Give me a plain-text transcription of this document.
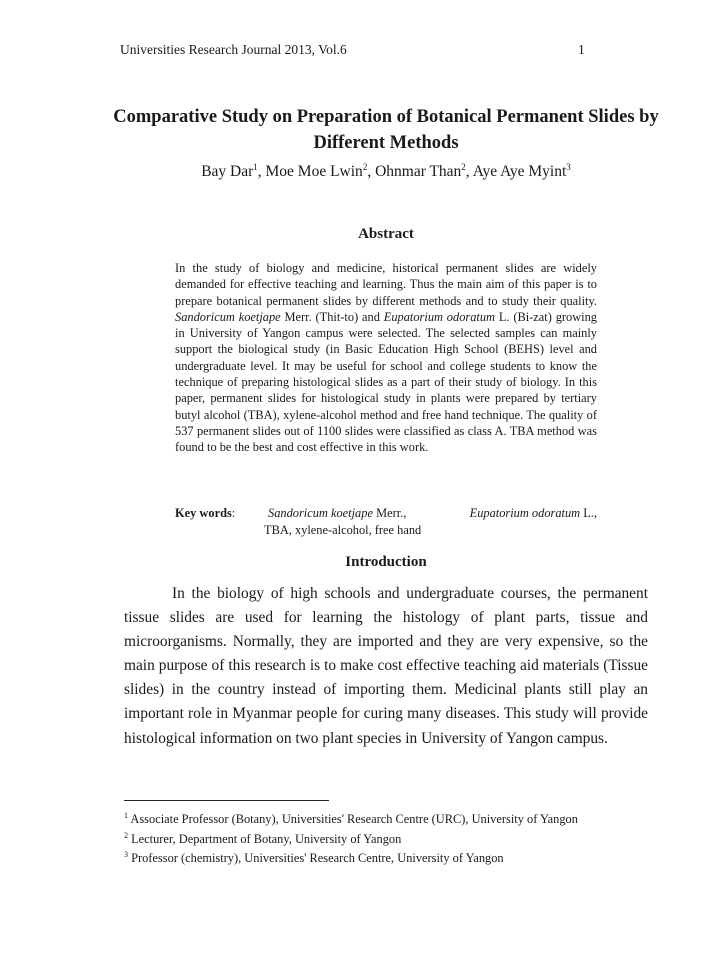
Universities Research Journal 2013, Vol.6	1
Comparative Study on Preparation of Botanical Permanent Slides by Different Methods
Bay Dar$^1$, Moe Moe Lwin$^2$, Ohnmar Than$^2$, Aye Aye Myint$^3$
Abstract

In the study of biology and medicine, historical permanent slides are widely demanded for effective teaching and learning. Thus the main aim of this paper is to prepare botanical permanent slides by different methods and to study their quality. Sandoricum koetjape Merr. (Thit-to) and Eupatorium odoratum L. (Bi-zat) growing in University of Yangon campus were selected. The selected samples can mainly support the biological study (in Basic Education High School (BEHS) level and undergraduate level. It may be useful for school and college students to know the technique of preparing histological slides as a part of their study of biology. In this paper, permanent slides for histological study in plants were prepared by tertiary butyl alcohol (TBA), xylene-alcohol method and free hand technique. The quality of 537 permanent slides out of 1100 slides were classified as class A. TBA method was found to be the best and cost effective in this work.

Key words:	Sandoricum koetjape Merr.,	Eupatorium odoratum L.,
TBA, xylene-alcohol, free hand
Introduction

In the biology of high schools and undergraduate courses, the permanent tissue slides are used for learning the histology of plant parts, tissue and microorganisms. Normally, they are imported and they are very expensive, so the main purpose of this research is to make cost effective teaching aid materials (Tissue slides) in the country instead of importing them. Medicinal plants still play an important role in Myanmar people for curing many diseases. This study will provide histological information on two plant species in University of Yangon campus.

$^1$ Associate Professor (Botany), Universities' Research Centre (URC), University of Yangon
$^2$ Lecturer, Department of Botany, University of Yangon
$^3$ Professor (chemistry), Universities' Research Centre, University of Yangon
